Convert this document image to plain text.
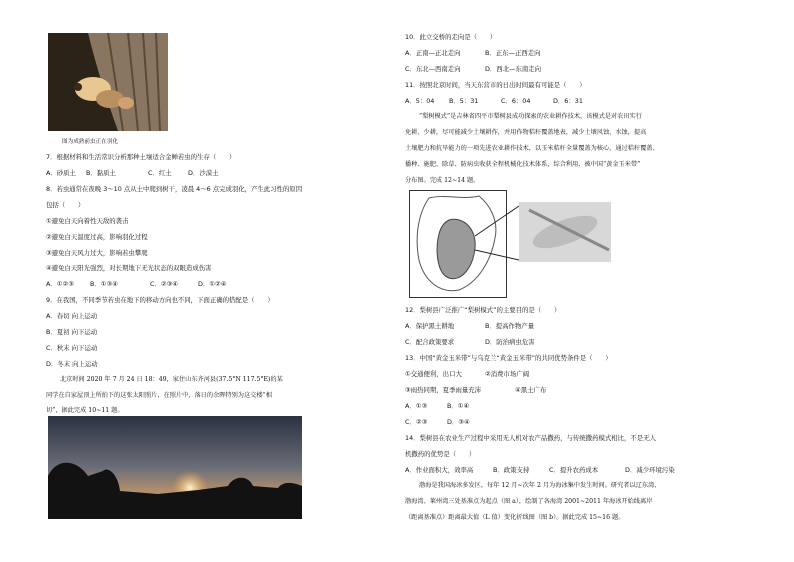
图为成熟前虫正在羽化
7．根据材料和生活常识分析那种土壤适合金蝉若虫的生存（　　）
A．砂质土 B．黏质土	C．红土	D．沙漠土
8．若虫通常在夜晚 3～10 点从土中爬到树干，凌晨 4～6 点完成羽化，产生此习性的原因
包括（　　）
①避免白天向着性天敌的袭击
②避免白天温度过高，影响羽化过程
③避免白天风力过大，影响若虫攀爬
④避免白天阳光强烈，对长期地下无光状态的双眼造成伤害
A．①②③	B．①③④	C．②③④	D．①②④
9．在我国，不同季节若虫在地下的移动方向也不同，下面正确的搭配是（　　）
A．春切 向上运动
B．夏初 向下运动
C．秋末 向下运动
D．冬末 向上运动
北京时间 2020 年 7 月 24 日 18：49，家住山东齐河县(37.5°N 117.5°E)的某
同学在自家屋顶上所拍下的这张太阳照片，在照片中，落日的余晖特别为这交楼“相
切”，据此完成 10~11 题。
10．此立交桥的走向是（　　）
A．正南—正北走向	B．正东—正西走向
C．东北—西南走向	D．西北—东南走向
11．按照北京时间，当天东营市的日出时间最有可能是（　　）
A．5：04 B．5：31	C．6：04	D．6：31
“梨树模式”是吉林省四平市梨树县成功探索的农业耕作技术，该模式是对农田实行
免耕、少耕，尽可能减少土壤耕作，并用作物秸秆覆盖地表，减少土壤风蚀、水蚀，提高
土壤肥力和抗旱能力的一项先进农业耕作技术，以玉米秸秆全量覆盖为核心，通过秸秆覆盖、
播种、施肥、除草、防病虫收获全程机械化技术体系，综合利用，被中国“黄金玉米带”
分布图。完成 12~14 题。
12．梨树县广泛推广“梨树模式”的主要目的是（　　）
A．保护黑土耕地	B．提高作物产量
C．配合政策要求	D．防治病虫危害
13．中国“黄金玉米带”与乌克兰“黄金玉米带”的共同优势条件是（　　）
①交通便利，出口大	②消费市场广阔
③雨热同期，夏季雨量充沛	④黑土广布
A．①③	B．①④
C．②③	D．③④
14．梨树县在农业生产过程中采用无人机对农产品撒药，与传统撒药模式相比，不是无人
机撒药的优势是（　　）
A．作业面积大，效率高	B．政策支持	C．提升农药成本	D．减少环境污染
渤海是我国海冰多发区，每年 12 月~次年 2 月为海冰集中发生时间。研究者以辽东湾、
渤海湾、莱州湾三处基准点为起点（图 a），绘制了各海湾 2001~2011 年海冰开始线离岸
（距离基准点）距离最大值（L 值）变化折线图（图 b）。据此完成 15~16 题。
